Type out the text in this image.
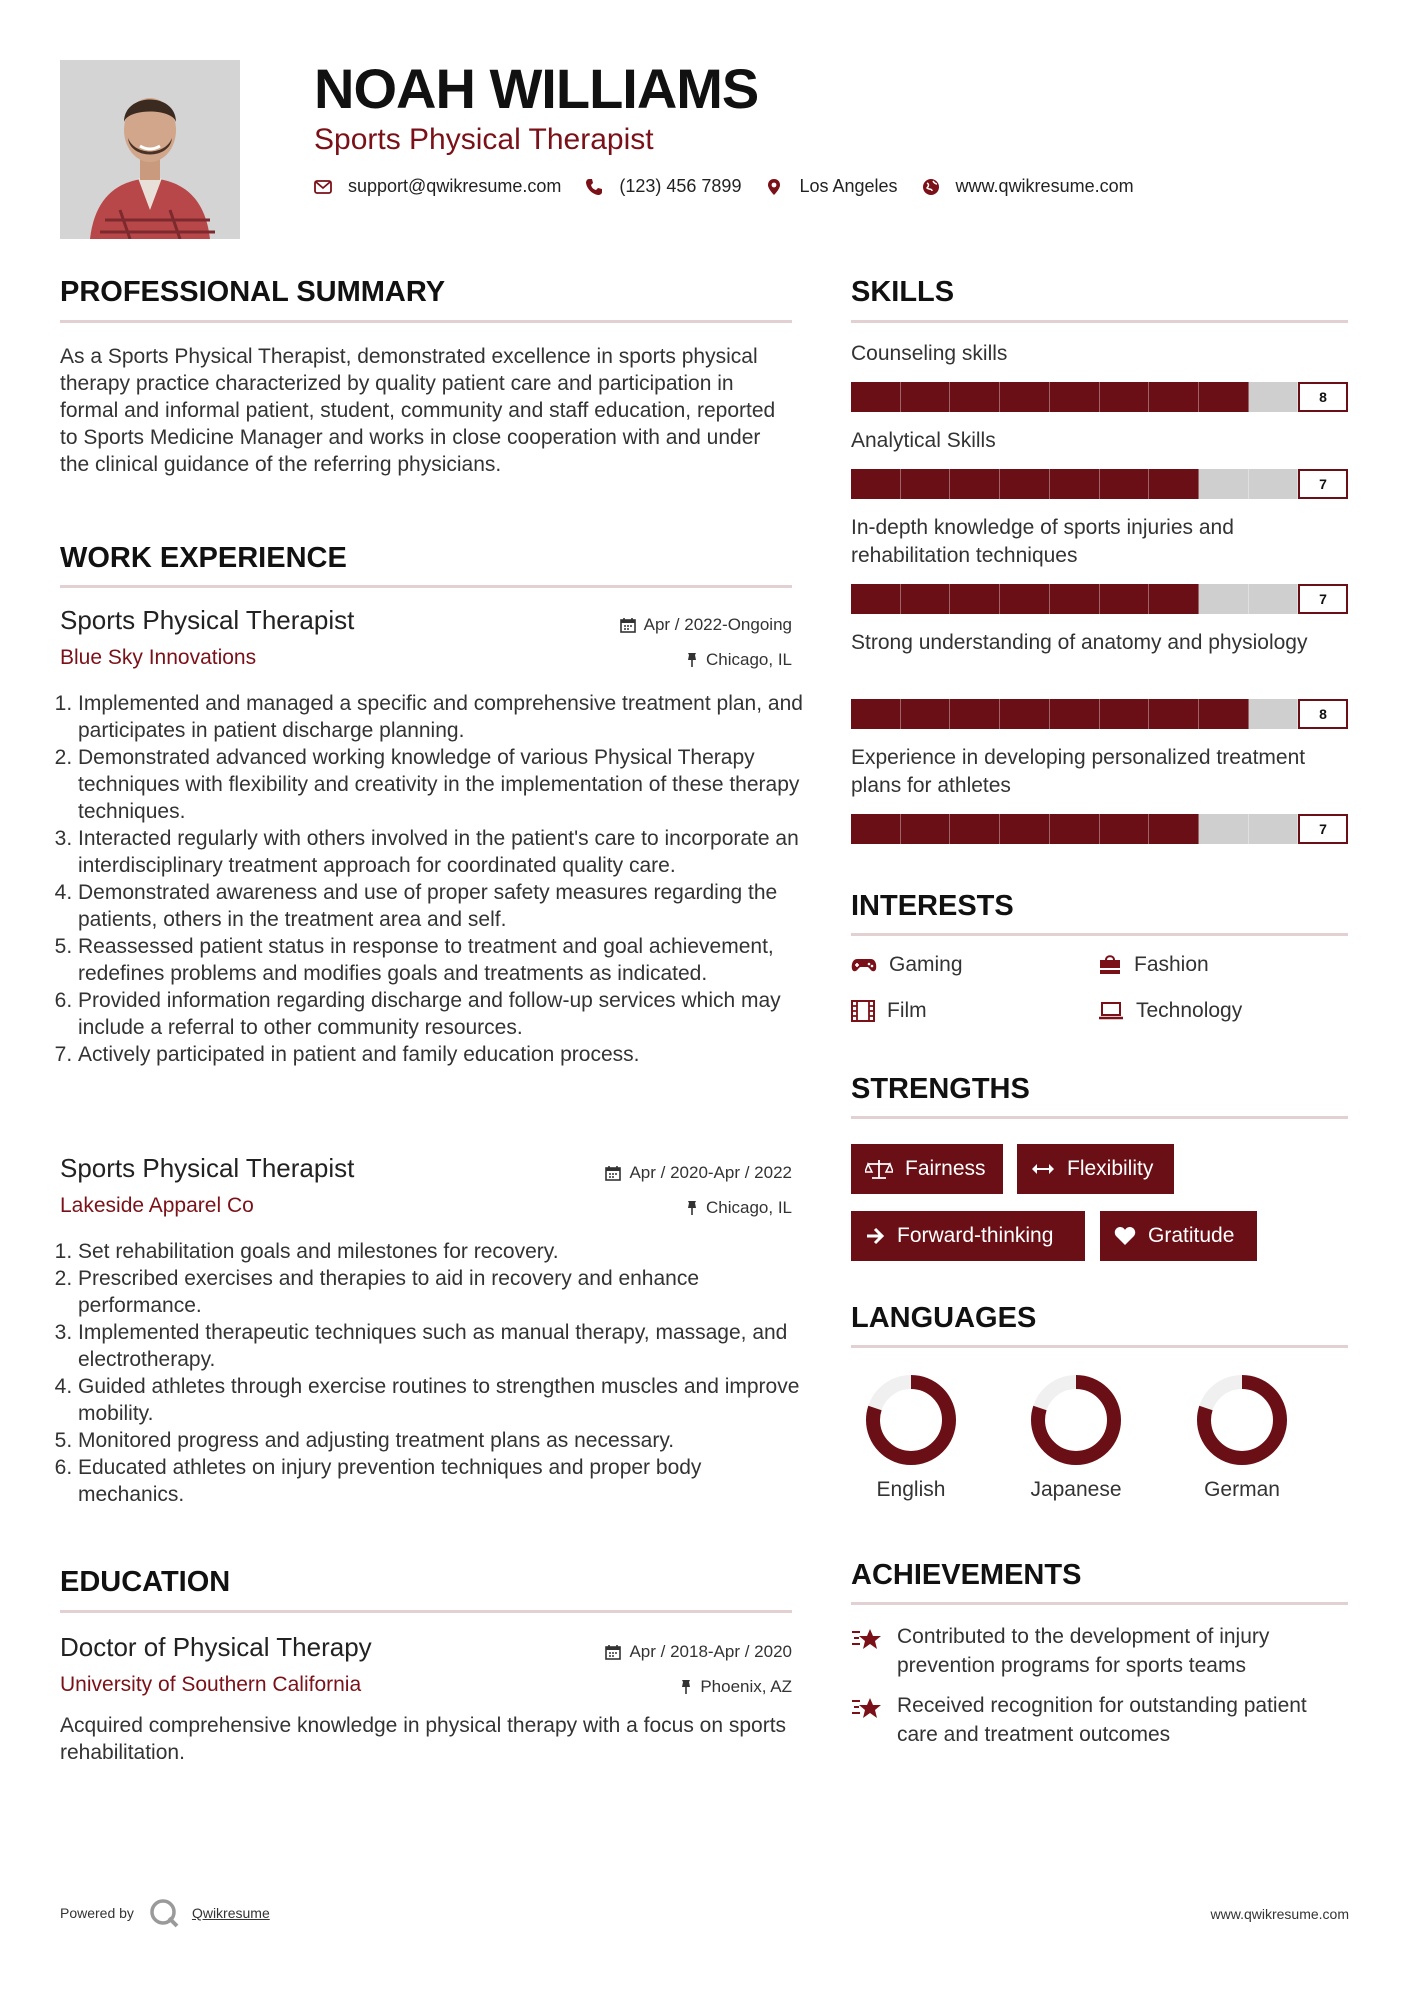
NOAH WILLIAMS
Sports Physical Therapist
support@qwikresume.com	(123) 456 7899	Los Angeles	www.qwikresume.com
PROFESSIONAL SUMMARY

As a Sports Physical Therapist, demonstrated excellence in sports physical therapy practice characterized by quality patient care and participation in formal and informal patient, student, community and staff education, reported to Sports Medicine Manager and works in close cooperation with and under the clinical guidance of the referring physicians.

WORK EXPERIENCE
Sports Physical Therapist	Apr / 2022-Ongoing
Blue Sky Innovations	Chicago, IL
1. Implemented and managed a specific and comprehensive treatment plan, and participates in patient discharge planning.
2. Demonstrated advanced working knowledge of various Physical Therapy techniques with flexibility and creativity in the implementation of these therapy techniques.
3. Interacted regularly with others involved in the patient's care to incorporate an interdisciplinary treatment approach for coordinated quality care.
4. Demonstrated awareness and use of proper safety measures regarding the patients, others in the treatment area and self.
5. Reassessed patient status in response to treatment and goal achievement, redefines problems and modifies goals and treatments as indicated.
6. Provided information regarding discharge and follow-up services which may include a referral to other community resources.
7. Actively participated in patient and family education process.
Sports Physical Therapist	Apr / 2020-Apr / 2022
Lakeside Apparel Co	Chicago, IL
1. Set rehabilitation goals and milestones for recovery.
2. Prescribed exercises and therapies to aid in recovery and enhance performance.
3. Implemented therapeutic techniques such as manual therapy, massage, and electrotherapy.
4. Guided athletes through exercise routines to strengthen muscles and improve mobility.
5. Monitored progress and adjusting treatment plans as necessary.
6. Educated athletes on injury prevention techniques and proper body mechanics.
EDUCATION
Doctor of Physical Therapy	Apr / 2018-Apr / 2020
University of Southern California	Phoenix, AZ

Acquired comprehensive knowledge in physical therapy with a focus on sports rehabilitation.

SKILLS
Counseling skills
8
Analytical Skills
7
In-depth knowledge of sports injuries and rehabilitation techniques
7
Strong understanding of anatomy and physiology
8
Experience in developing personalized treatment plans for athletes
7
INTERESTS
Gaming	Fashion
Film	Technology
STRENGTHS
Fairness	Flexibility
Forward-thinking	Gratitude
LANGUAGES
English	Japanese	German
ACHIEVEMENTS
Contributed to the development of injury prevention programs for sports teams
Received recognition for outstanding patient care and treatment outcomes
Powered by	Qwikresume	www.qwikresume.com
